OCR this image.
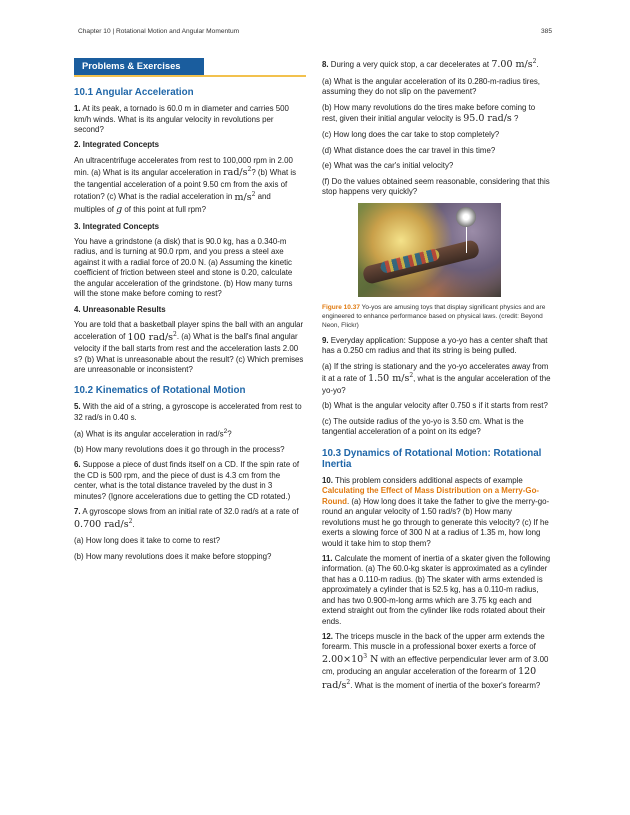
Chapter 10 | Rotational Motion and Angular Momentum	385
Problems & Exercises
10.1 Angular Acceleration

1. At its peak, a tornado is 60.0 m in diameter and carries 500 km/h winds. What is its angular velocity in revolutions per second?

2. Integrated Concepts

An ultracentrifuge accelerates from rest to 100,000 rpm in 2.00 min. (a) What is its angular acceleration in rad/$s^2$? (b) What is the tangential acceleration of a point 9.50 cm from the axis of rotation? (c) What is the radial acceleration in $m/s^2$ and multiples of g of this point at full rpm?

3. Integrated Concepts

You have a grindstone (a disk) that is 90.0 kg, has a 0.340-m radius, and is turning at 90.0 rpm, and you press a steel axe against it with a radial force of 20.0 N. (a) Assuming the kinetic coefficient of friction between steel and stone is 0.20, calculate the angular acceleration of the grindstone. (b) How many turns will the stone make before coming to rest?

4. Unreasonable Results

You are told that a basketball player spins the ball with an angular acceleration of 100 rad/$s^2$. (a) What is the ball's final angular velocity if the ball starts from rest and the acceleration lasts 2.00 s? (b) What is unreasonable about the result? (c) Which premises are unreasonable or inconsistent?

10.2 Kinematics of Rotational Motion

5. With the aid of a string, a gyroscope is accelerated from rest to 32 rad/s in 0.40 s.

(a) What is its angular acceleration in rad/$s^2$?

(b) How many revolutions does it go through in the process?

6. Suppose a piece of dust finds itself on a CD. If the spin rate of the CD is 500 rpm, and the piece of dust is 4.3 cm from the center, what is the total distance traveled by the dust in 3 minutes? (Ignore accelerations due to getting the CD rotated.)

7. A gyroscope slows from an initial rate of 32.0 rad/s at a rate of 0.700 rad/$s^2$.

(a) How long does it take to come to rest?

(b) How many revolutions does it make before stopping?

8. During a very quick stop, a car decelerates at 7.00 $m/s^2$.

(a) What is the angular acceleration of its 0.280-m-radius tires, assuming they do not slip on the pavement?

(b) How many revolutions do the tires make before coming to rest, given their initial angular velocity is 95.0 rad/s ?

(c) How long does the car take to stop completely?

(d) What distance does the car travel in this time?

(e) What was the car's initial velocity?

(f) Do the values obtained seem reasonable, considering that this stop happens very quickly?

Figure 10.37 Yo-yos are amusing toys that display significant physics and are engineered to enhance performance based on physical laws. (credit: Beyond Neon, Flickr)

9. Everyday application: Suppose a yo-yo has a center shaft that has a 0.250 cm radius and that its string is being pulled.

(a) If the string is stationary and the yo-yo accelerates away from it at a rate of 1.50 $m/s^2$, what is the angular acceleration of the yo-yo?

(b) What is the angular velocity after 0.750 s if it starts from rest?

(c) The outside radius of the yo-yo is 3.50 cm. What is the tangential acceleration of a point on its edge?

10.3 Dynamics of Rotational Motion: Rotational Inertia

10. This problem considers additional aspects of example Calculating the Effect of Mass Distribution on a Merry-Go-Round. (a) How long does it take the father to give the merry-go-round an angular velocity of 1.50 rad/s? (b) How many revolutions must he go through to generate this velocity? (c) If he exerts a slowing force of 300 N at a radius of 1.35 m, how long would it take him to stop them?

11. Calculate the moment of inertia of a skater given the following information. (a) The 60.0-kg skater is approximated as a cylinder that has a 0.110-m radius. (b) The skater with arms extended is approximately a cylinder that is 52.5 kg, has a 0.110-m radius, and has two 0.900-m-long arms which are 3.75 kg each and extend straight out from the cylinder like rods rotated about their ends.

12. The triceps muscle in the back of the upper arm extends the forearm. This muscle in a professional boxer exerts a force of $2.00\times 10^3$ N with an effective perpendicular lever arm of 3.00 cm, producing an angular acceleration of the forearm of 120 rad/$s^2$. What is the moment of inertia of the boxer's forearm?
